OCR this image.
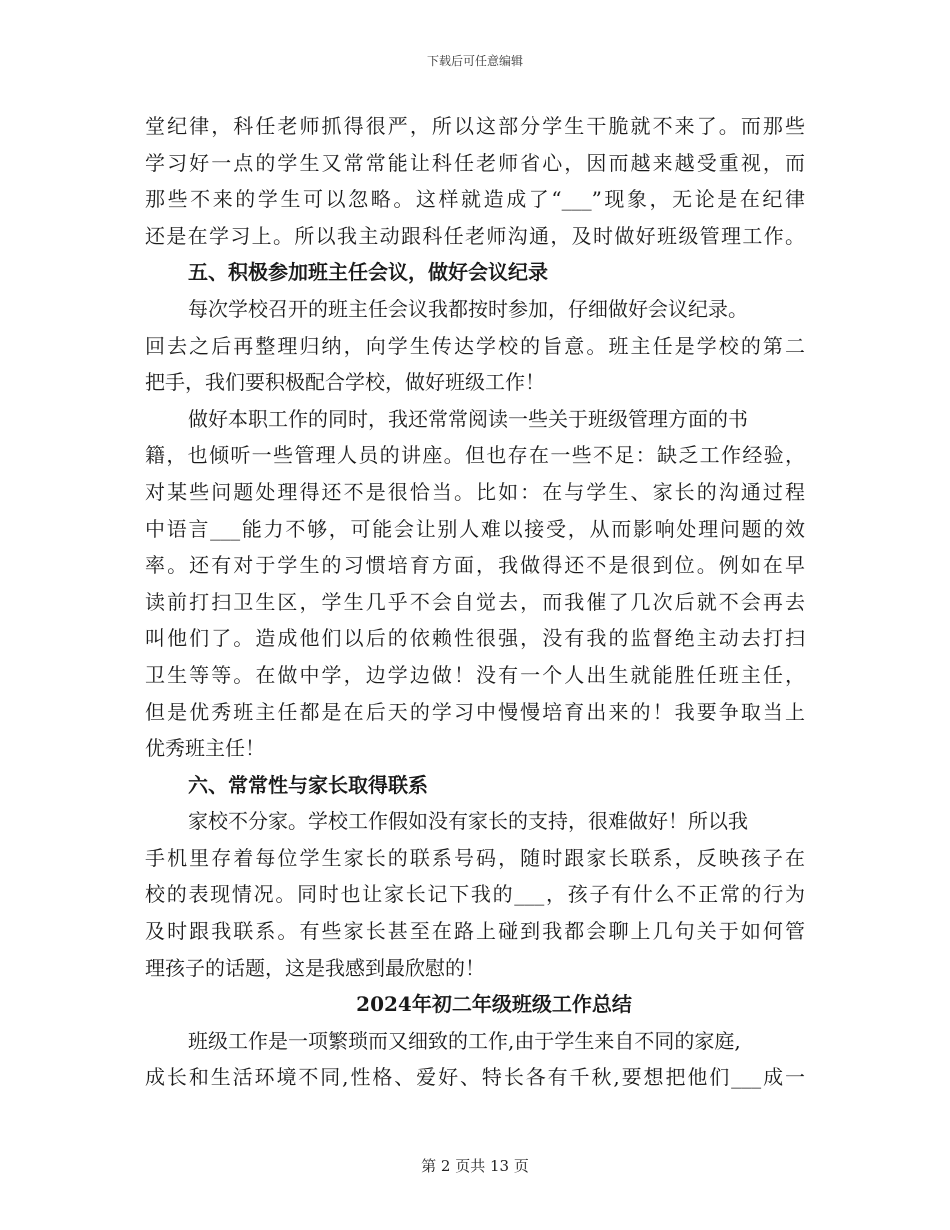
下载后可任意编辑
堂纪律，科任老师抓得很严，所以这部分学生干脆就不来了。而那些
学习好一点的学生又常常能让科任老师省心，因而越来越受重视，而
那些不来的学生可以忽略。这样就造成了“___”现象，无论是在纪律
还是在学习上。所以我主动跟科任老师沟通，及时做好班级管理工作。
五、积极参加班主任会议，做好会议纪录
每次学校召开的班主任会议我都按时参加，仔细做好会议纪录。
回去之后再整理归纳，向学生传达学校的旨意。班主任是学校的第二
把手，我们要积极配合学校，做好班级工作！
做好本职工作的同时，我还常常阅读一些关于班级管理方面的书
籍，也倾听一些管理人员的讲座。但也存在一些不足：缺乏工作经验，
对某些问题处理得还不是很恰当。比如：在与学生、家长的沟通过程
中语言___能力不够，可能会让别人难以接受，从而影响处理问题的效
率。还有对于学生的习惯培育方面，我做得还不是很到位。例如在早
读前打扫卫生区，学生几乎不会自觉去，而我催了几次后就不会再去
叫他们了。造成他们以后的依赖性很强，没有我的监督绝主动去打扫
卫生等等。在做中学，边学边做！没有一个人出生就能胜任班主任，
但是优秀班主任都是在后天的学习中慢慢培育出来的！我要争取当上
优秀班主任！
六、常常性与家长取得联系
家校不分家。学校工作假如没有家长的支持，很难做好！所以我
手机里存着每位学生家长的联系号码，随时跟家长联系，反映孩子在
校的表现情况。同时也让家长记下我的___，孩子有什么不正常的行为
及时跟我联系。有些家长甚至在路上碰到我都会聊上几句关于如何管
理孩子的话题，这是我感到最欣慰的！
2024年初二年级班级工作总结
班级工作是一项繁琐而又细致的工作,由于学生来自不同的家庭,
成长和生活环境不同,性格、爱好、特长各有千秋,要想把他们___成一
第 2 页共 13 页
